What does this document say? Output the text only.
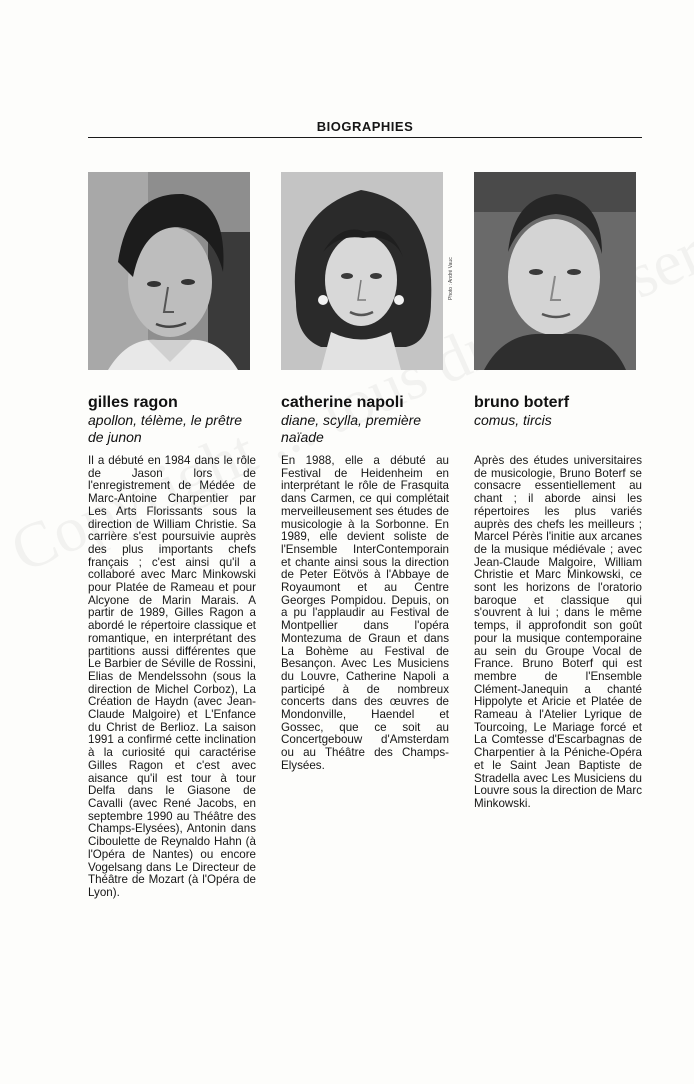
BIOGRAPHIES
gilles ragon
apollon, télème, le prêtre de junon
Il a débuté en 1984 dans le rôle de Jason lors de l'enregistrement de Médée de Marc-Antoine Charpentier par Les Arts Florissants sous la direction de William Christie. Sa carrière s'est poursuivie auprès des plus importants chefs français ; c'est ainsi qu'il a collaboré avec Marc Minkowski pour Platée de Rameau et pour Alcyone de Marin Marais. A partir de 1989, Gilles Ragon a abordé le répertoire classique et romantique, en interprétant des partitions aussi différentes que Le Barbier de Séville de Rossini, Elias de Mendelssohn (sous la direction de Michel Corboz), La Création de Haydn (avec Jean-Claude Malgoire) et L'Enfance du Christ de Berlioz. La saison 1991 a confirmé cette inclination à la curiosité qui caractérise Gilles Ragon et c'est avec aisance qu'il est tour à tour Delfa dans le Giasone de Cavalli (avec René Jacobs, en septembre 1990 au Théâtre des Champs-Elysées), Antonin dans Ciboulette de Reynaldo Hahn (à l'Opéra de Nantes) ou encore Vogelsang dans Le Directeur de Théâtre de Mozart (à l'Opéra de Lyon).
catherine napoli
diane, scylla, première naïade
En 1988, elle a débuté au Festival de Heidenheim en interprétant le rôle de Frasquita dans Carmen, ce qui complétait merveilleusement ses études de musicologie à la Sorbonne. En 1989, elle devient soliste de l'Ensemble InterContemporain et chante ainsi sous la direction de Peter Eötvös à l'Abbaye de Royaumont et au Centre Georges Pompidou. Depuis, on a pu l'applaudir au Festival de Montpellier dans l'opéra Montezuma de Graun et dans La Bohème au Festival de Besançon. Avec Les Musiciens du Louvre, Catherine Napoli a participé à de nombreux concerts dans des œuvres de Mondonville, Haendel et Gossec, que ce soit au Concertgebouw d'Amsterdam ou au Théâtre des Champs-Elysées.
Photo : André Vauc
bruno boterf
comus, tircis
Après des études universitaires de musicologie, Bruno Boterf se consacre essentiellement au chant ; il aborde ainsi les répertoires les plus variés auprès des chefs les meilleurs ; Marcel Pérès l'initie aux arcanes de la musique médiévale ; avec Jean-Claude Malgoire, William Christie et Marc Minkowski, ce sont les horizons de l'oratorio baroque et classique qui s'ouvrent à lui ; dans le même temps, il approfondit son goût pour la musique contemporaine au sein du Groupe Vocal de France. Bruno Boterf qui est membre de l'Ensemble Clément-Janequin a chanté Hippolyte et Aricie et Platée de Rameau à l'Atelier Lyrique de Tourcoing, Le Mariage forcé et La Comtesse d'Escarbagnas de Charpentier à la Péniche-Opéra et le Saint Jean Baptiste de Stradella avec Les Musiciens du Louvre sous la direction de Marc Minkowski.
